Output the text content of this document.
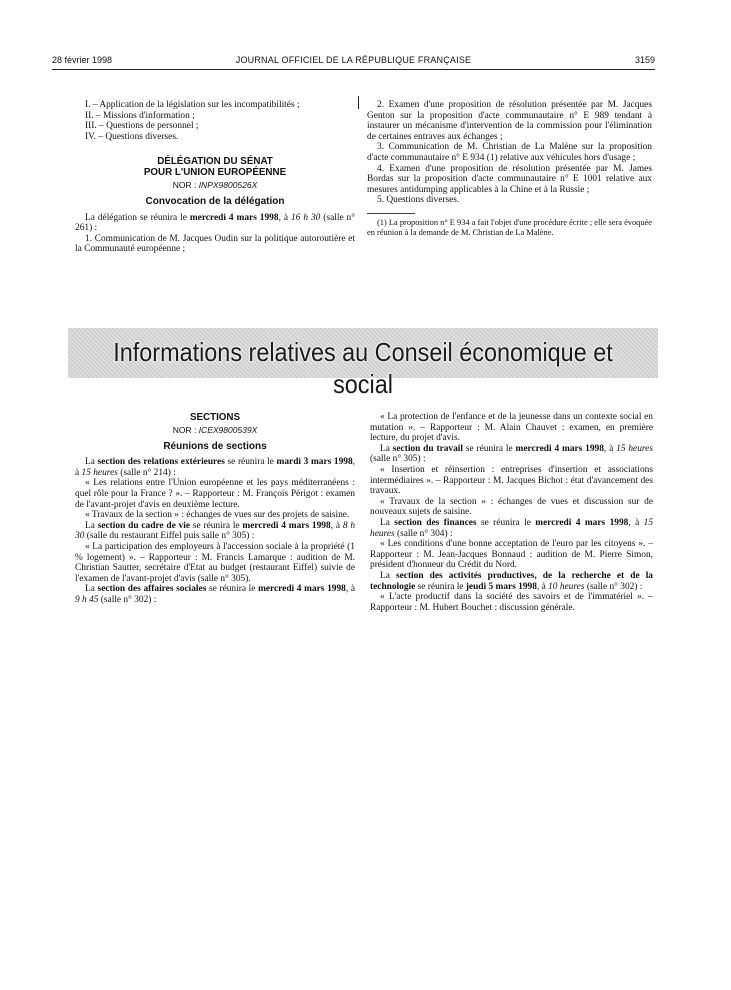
28 février 1998	JOURNAL OFFICIEL DE LA RÉPUBLIQUE FRANÇAISE	3159

I. – Application de la législation sur les incompatibilités ;

II. – Missions d'information ;

III. – Questions de personnel ;

IV. – Questions diverses.

DÉLÉGATION DU SÉNAT

POUR L'UNION EUROPÉENNE

NOR : INPX9800526X

Convocation de la délégation

La délégation se réunira le mercredi 4 mars 1998, à 16 h 30 (salle n° 261) :

1. Communication de M. Jacques Oudin sur la politique autoroutière et la Communauté européenne ;

2. Examen d'une proposition de résolution présentée par M. Jacques Genton sur la proposition d'acte communautaire n° E 989 tendant à instaurer un mécanisme d'intervention de la commission pour l'élimination de certaines entraves aux échanges ;

3. Communication de M. Christian de La Malène sur la proposition d'acte communautaire n° E 934 (1) relative aux véhicules hors d'usage ;

4. Examen d'une proposition de résolution présentée par M. James Bordas sur la proposition d'acte communautaire n° E 1001 relative aux mesures antidumping applicables à la Chine et à la Russie ;

5. Questions diverses.

(1) La proposition n° E 934 a fait l'objet d'une procédure écrite ; elle sera évoquée en réunion à la demande de M. Christian de La Malène.

Informations relatives au Conseil économique et social

SECTIONS

NOR : ICEX9800539X

Réunions de sections

La section des relations extérieures se réunira le mardi 3 mars 1998, à 15 heures (salle n° 214) :

« Les relations entre l'Union européenne et les pays méditerranéens : quel rôle pour la France ? ». – Rapporteur : M. François Périgot : examen de l'avant-projet d'avis en deuxième lecture.

« Travaux de la section » : échanges de vues sur des projets de saisine.

La section du cadre de vie se réunira le mercredi 4 mars 1998, à 8 h 30 (salle du restaurant Eiffel puis salle n° 305) :

« La participation des employeurs à l'accession sociale à la propriété (1 % logement) ». – Rapporteur : M. Francis Lamarque : audition de M. Christian Sautter, secrétaire d'Etat au budget (restaurant Eiffel) suivie de l'examen de l'avant-projet d'avis (salle n° 305).

La section des affaires sociales se réunira le mercredi 4 mars 1998, à 9 h 45 (salle n° 302) :

« La protection de l'enfance et de la jeunesse dans un contexte social en mutation ». – Rapporteur : M. Alain Chauvet : examen, en première lecture, du projet d'avis.

La section du travail se réunira le mercredi 4 mars 1998, à 15 heures (salle n° 305) :

« Insertion et réinsertion : entreprises d'insertion et associations intermédiaires ». – Rapporteur : M. Jacques Bichot : état d'avancement des travaux.

« Travaux de la section » : échanges de vues et discussion sur de nouveaux sujets de saisine.

La section des finances se réunira le mercredi 4 mars 1998, à 15 heures (salle n° 304) :

« Les conditions d'une bonne acceptation de l'euro par les citoyens ». – Rapporteur : M. Jean-Jacques Bonnaud : audition de M. Pierre Simon, président d'honneur du Crédit du Nord.

La section des activités productives, de la recherche et de la technologie se réunira le jeudi 5 mars 1998, à 10 heures (salle n° 302) :

« L'acte productif dans la société des savoirs et de l'immatériel ». – Rapporteur : M. Hubert Bouchet : discussion générale.
